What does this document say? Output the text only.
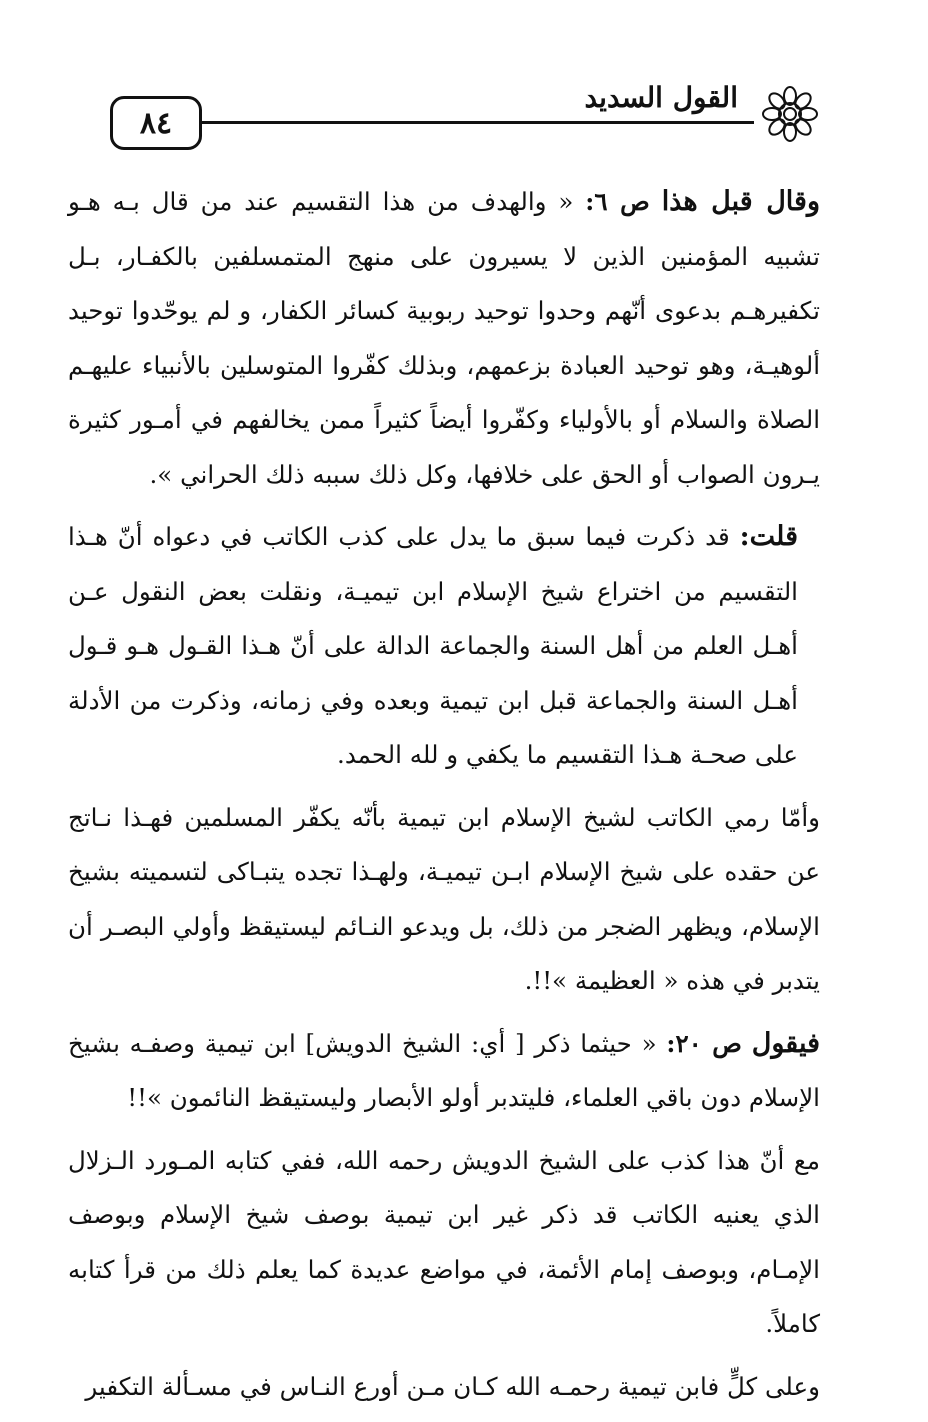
٨٤
القول السديد

وقال قبل هذا ص ٦: « والهدف من هذا التقسيم عند من قال بـه هـو تشبيه المؤمنين الذين لا يسيرون على منهج المتمسلفين بالكفـار، بـل تكفيرهـم بدعوى أنّهم وحدوا توحيد ربوبية كسائر الكفار، و لم يوحّدوا توحيد ألوهيـة، وهو توحيد العبادة بزعمهم، وبذلك كفّروا المتوسلين بالأنبياء عليهـم الصلاة والسلام أو بالأولياء وكفّروا أيضاً كثيراً ممن يخالفهم في أمـور كثيرة يـرون الصواب أو الحق على خلافها، وكل ذلك سببه ذلك الحراني ».

قلت: قد ذكرت فيما سبق ما يدل على كذب الكاتب في دعواه أنّ هـذا التقسيم من اختراع شيخ الإسلام ابن تيميـة، ونقلت بعض النقول عـن أهـل العلم من أهل السنة والجماعة الدالة على أنّ هـذا القـول هـو قـول أهـل السنة والجماعة قبل ابن تيمية وبعده وفي زمانه، وذكرت من الأدلة على صحـة هـذا التقسيم ما يكفي و لله الحمد.

وأمّا رمي الكاتب لشيخ الإسلام ابن تيمية بأنّه يكفّر المسلمين فهـذا نـاتج عن حقده على شيخ الإسلام ابـن تيميـة، ولهـذا تجده يتبـاكى لتسميته بشيخ الإسلام، ويظهر الضجر من ذلك، بل ويدعو النـائم ليستيقظ وأولي البصـر أن يتدبر في هذه « العظيمة »!!.

فيقول ص ٢٠: « حيثما ذكر [ أي: الشيخ الدويش] ابن تيمية وصفـه بشيخ الإسلام دون باقي العلماء، فليتدبر أولو الأبصار وليستيقظ النائمون »!!

مع أنّ هذا كذب على الشيخ الدويش رحمه الله، ففي كتابه المـورد الـزلال الذي يعنيه الكاتب قد ذكر غير ابن تيمية بوصف شيخ الإسلام وبوصف الإمـام، وبوصف إمام الأئمة، في مواضع عديدة كما يعلم ذلك من قرأ كتابه كاملاً.

وعلى كلٍّ فابن تيمية رحمـه الله كـان مـن أورع النـاس في مسـألة التكفير
